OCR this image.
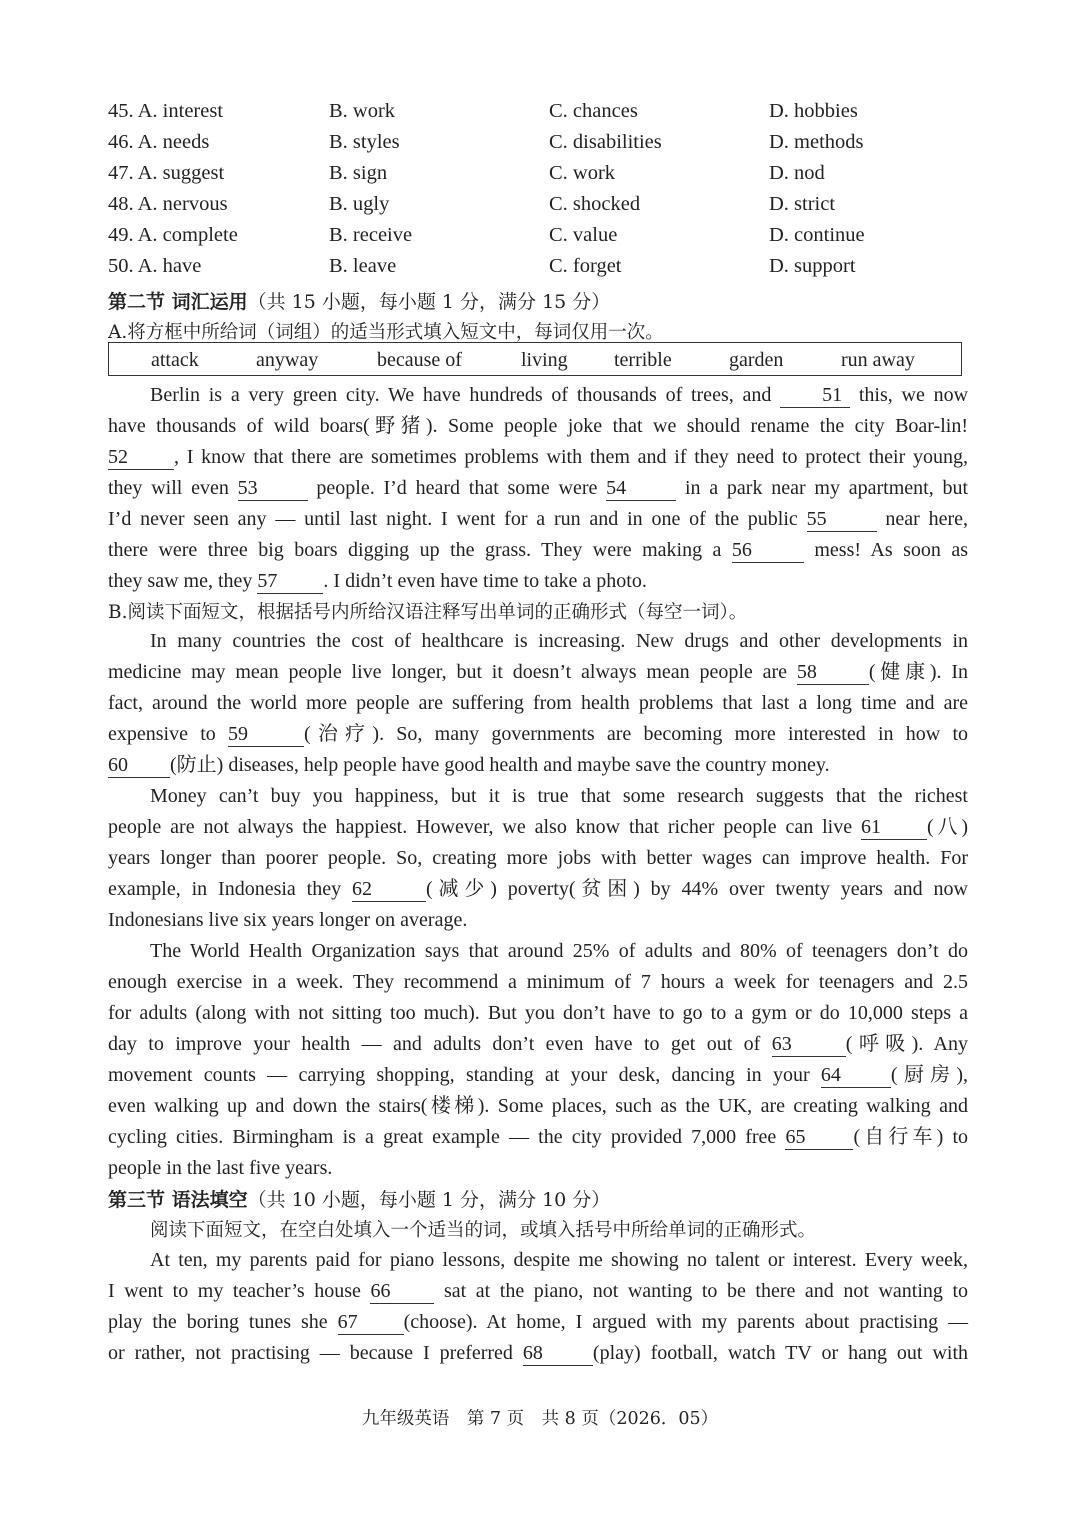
45. A. interest	B. work	C. chances	D. hobbies
46. A. needs	B. styles	C. disabilities	D. methods
47. A. suggest	B. sign	C. work	D. nod
48. A. nervous	B. ugly	C. shocked	D. strict
49. A. complete	B. receive	C. value	D. continue
50. A. have	B. leave	C. forget	D. support
第二节 词汇运用（共 15 小题，每小题 1 分，满分 15 分）
A.将方框中所给词（词组）的适当形式填入短文中，每词仅用一次。
attack	anyway	because of	living terrible	garden	run away
Berlin is a very green city. We have hundreds of thousands of trees, and	51 this, we now
have thousands of wild boars(野猪). Some people joke that we should rename the city Boar-lin!
52 , I know that there are sometimes problems with them and if they need to protect their young,
they will even 53	people. I’d heard that some were 54	in a park near my apartment, but
I’d never seen any — until last night. I went for a run and in one of the public 55	near here,
there were three big boars digging up the grass. They were making a 56	mess! As soon as
they saw me, they 57 . I didn’t even have time to take a photo.
B.阅读下面短文，根据括号内所给汉语注释写出单词的正确形式（每空一词）。
In many countries the cost of healthcare is increasing. New drugs and other developments in
medicine may mean people live longer, but it doesn’t always mean people are 58	(健康). In
fact, around the world more people are suffering from health problems that last a long time and are
expensive to 59	(治疗). So, many governments are becoming more interested in how to
60 (防止) diseases, help people have good health and maybe save the country money.
Money can’t buy you happiness, but it is true that some research suggests that the richest
people are not always the happiest. However, we also know that richer people can live 61 (八)
years longer than poorer people. So, creating more jobs with better wages can improve health. For
example, in Indonesia they 62	(减少) poverty(贫困) by 44% over twenty years and now
Indonesians live six years longer on average.
The World Health Organization says that around 25% of adults and 80% of teenagers don’t do
enough exercise in a week. They recommend a minimum of 7 hours a week for teenagers and 2.5
for adults (along with not sitting too much). But you don’t have to go to a gym or do 10,000 steps a
day to improve your health — and adults don’t even have to get out of 63	(呼吸). Any
movement counts — carrying shopping, standing at your desk, dancing in your 64	(厨房),
even walking up and down the stairs(楼梯). Some places, such as the UK, are creating walking and
cycling cities. Birmingham is a great example — the city provided 7,000 free 65 (自行车) to
people in the last five years.
第三节 语法填空（共 10 小题，每小题 1 分，满分 10 分）
阅读下面短文，在空白处填入一个适当的词，或填入括号中所给单词的正确形式。
At ten, my parents paid for piano lessons, despite me showing no talent or interest. Every week,
I went to my teacher’s house 66	sat at the piano, not wanting to be there and not wanting to
play the boring tunes she 67 (choose). At home, I argued with my parents about practising —
or rather, not practising — because I preferred 68	(play) football, watch TV or hang out with
九年级英语　第 7 页　共 8 页（2026．05）
